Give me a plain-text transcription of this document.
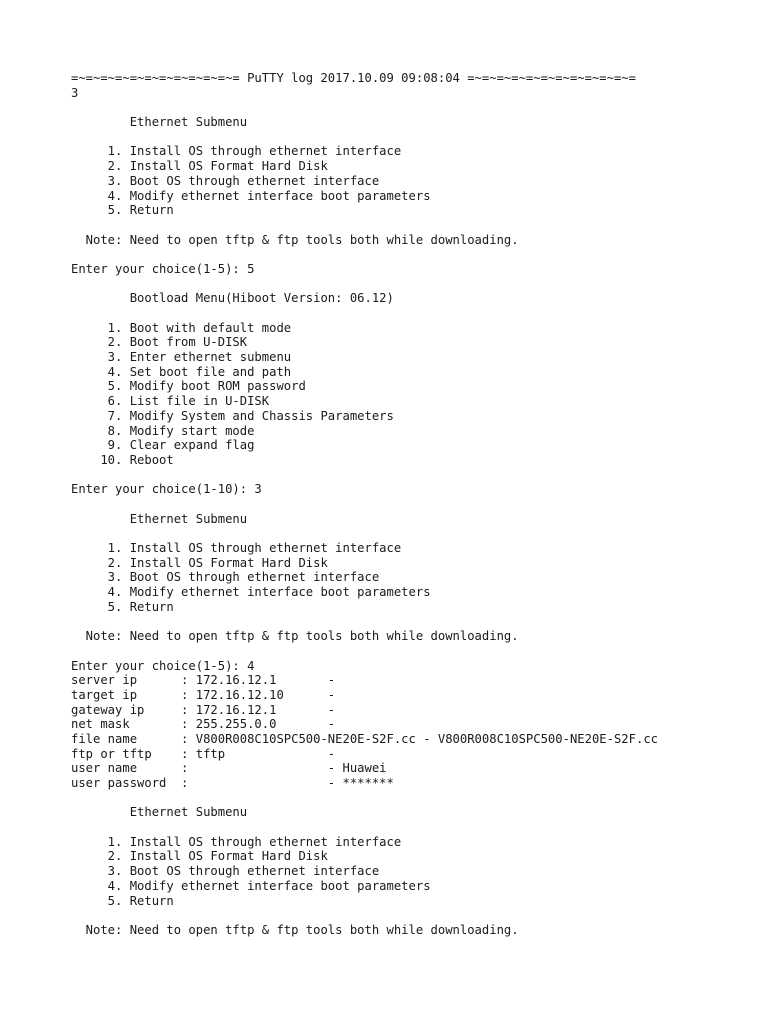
=~=~=~=~=~=~=~=~=~=~=~= PuTTY log 2017.10.09 09:08:04 =~=~=~=~=~=~=~=~=~=~=~=
3
Ethernet Submenu
1. Install OS through ethernet interface
2. Install OS Format Hard Disk
3. Boot OS through ethernet interface
4. Modify ethernet interface boot parameters
5. Return
Note: Need to open tftp & ftp tools both while downloading.
Enter your choice(1-5): 5
Bootload Menu(Hiboot Version: 06.12)
1. Boot with default mode
2. Boot from U-DISK
3. Enter ethernet submenu
4. Set boot file and path
5. Modify boot ROM password
6. List file in U-DISK
7. Modify System and Chassis Parameters
8. Modify start mode
9. Clear expand flag
10. Reboot
Enter your choice(1-10): 3
Ethernet Submenu
1. Install OS through ethernet interface
2. Install OS Format Hard Disk
3. Boot OS through ethernet interface
4. Modify ethernet interface boot parameters
5. Return
Note: Need to open tftp & ftp tools both while downloading.
Enter your choice(1-5): 4
server ip      : 172.16.12.1       -
target ip      : 172.16.12.10      -
gateway ip     : 172.16.12.1       -
net mask       : 255.255.0.0       -
file name      : V800R008C10SPC500-NE20E-S2F.cc - V800R008C10SPC500-NE20E-S2F.cc
ftp or tftp    : tftp              -
user name      :                   - Huawei
user password  :                   - *******
Ethernet Submenu
1. Install OS through ethernet interface
2. Install OS Format Hard Disk
3. Boot OS through ethernet interface
4. Modify ethernet interface boot parameters
5. Return
Note: Need to open tftp & ftp tools both while downloading.
